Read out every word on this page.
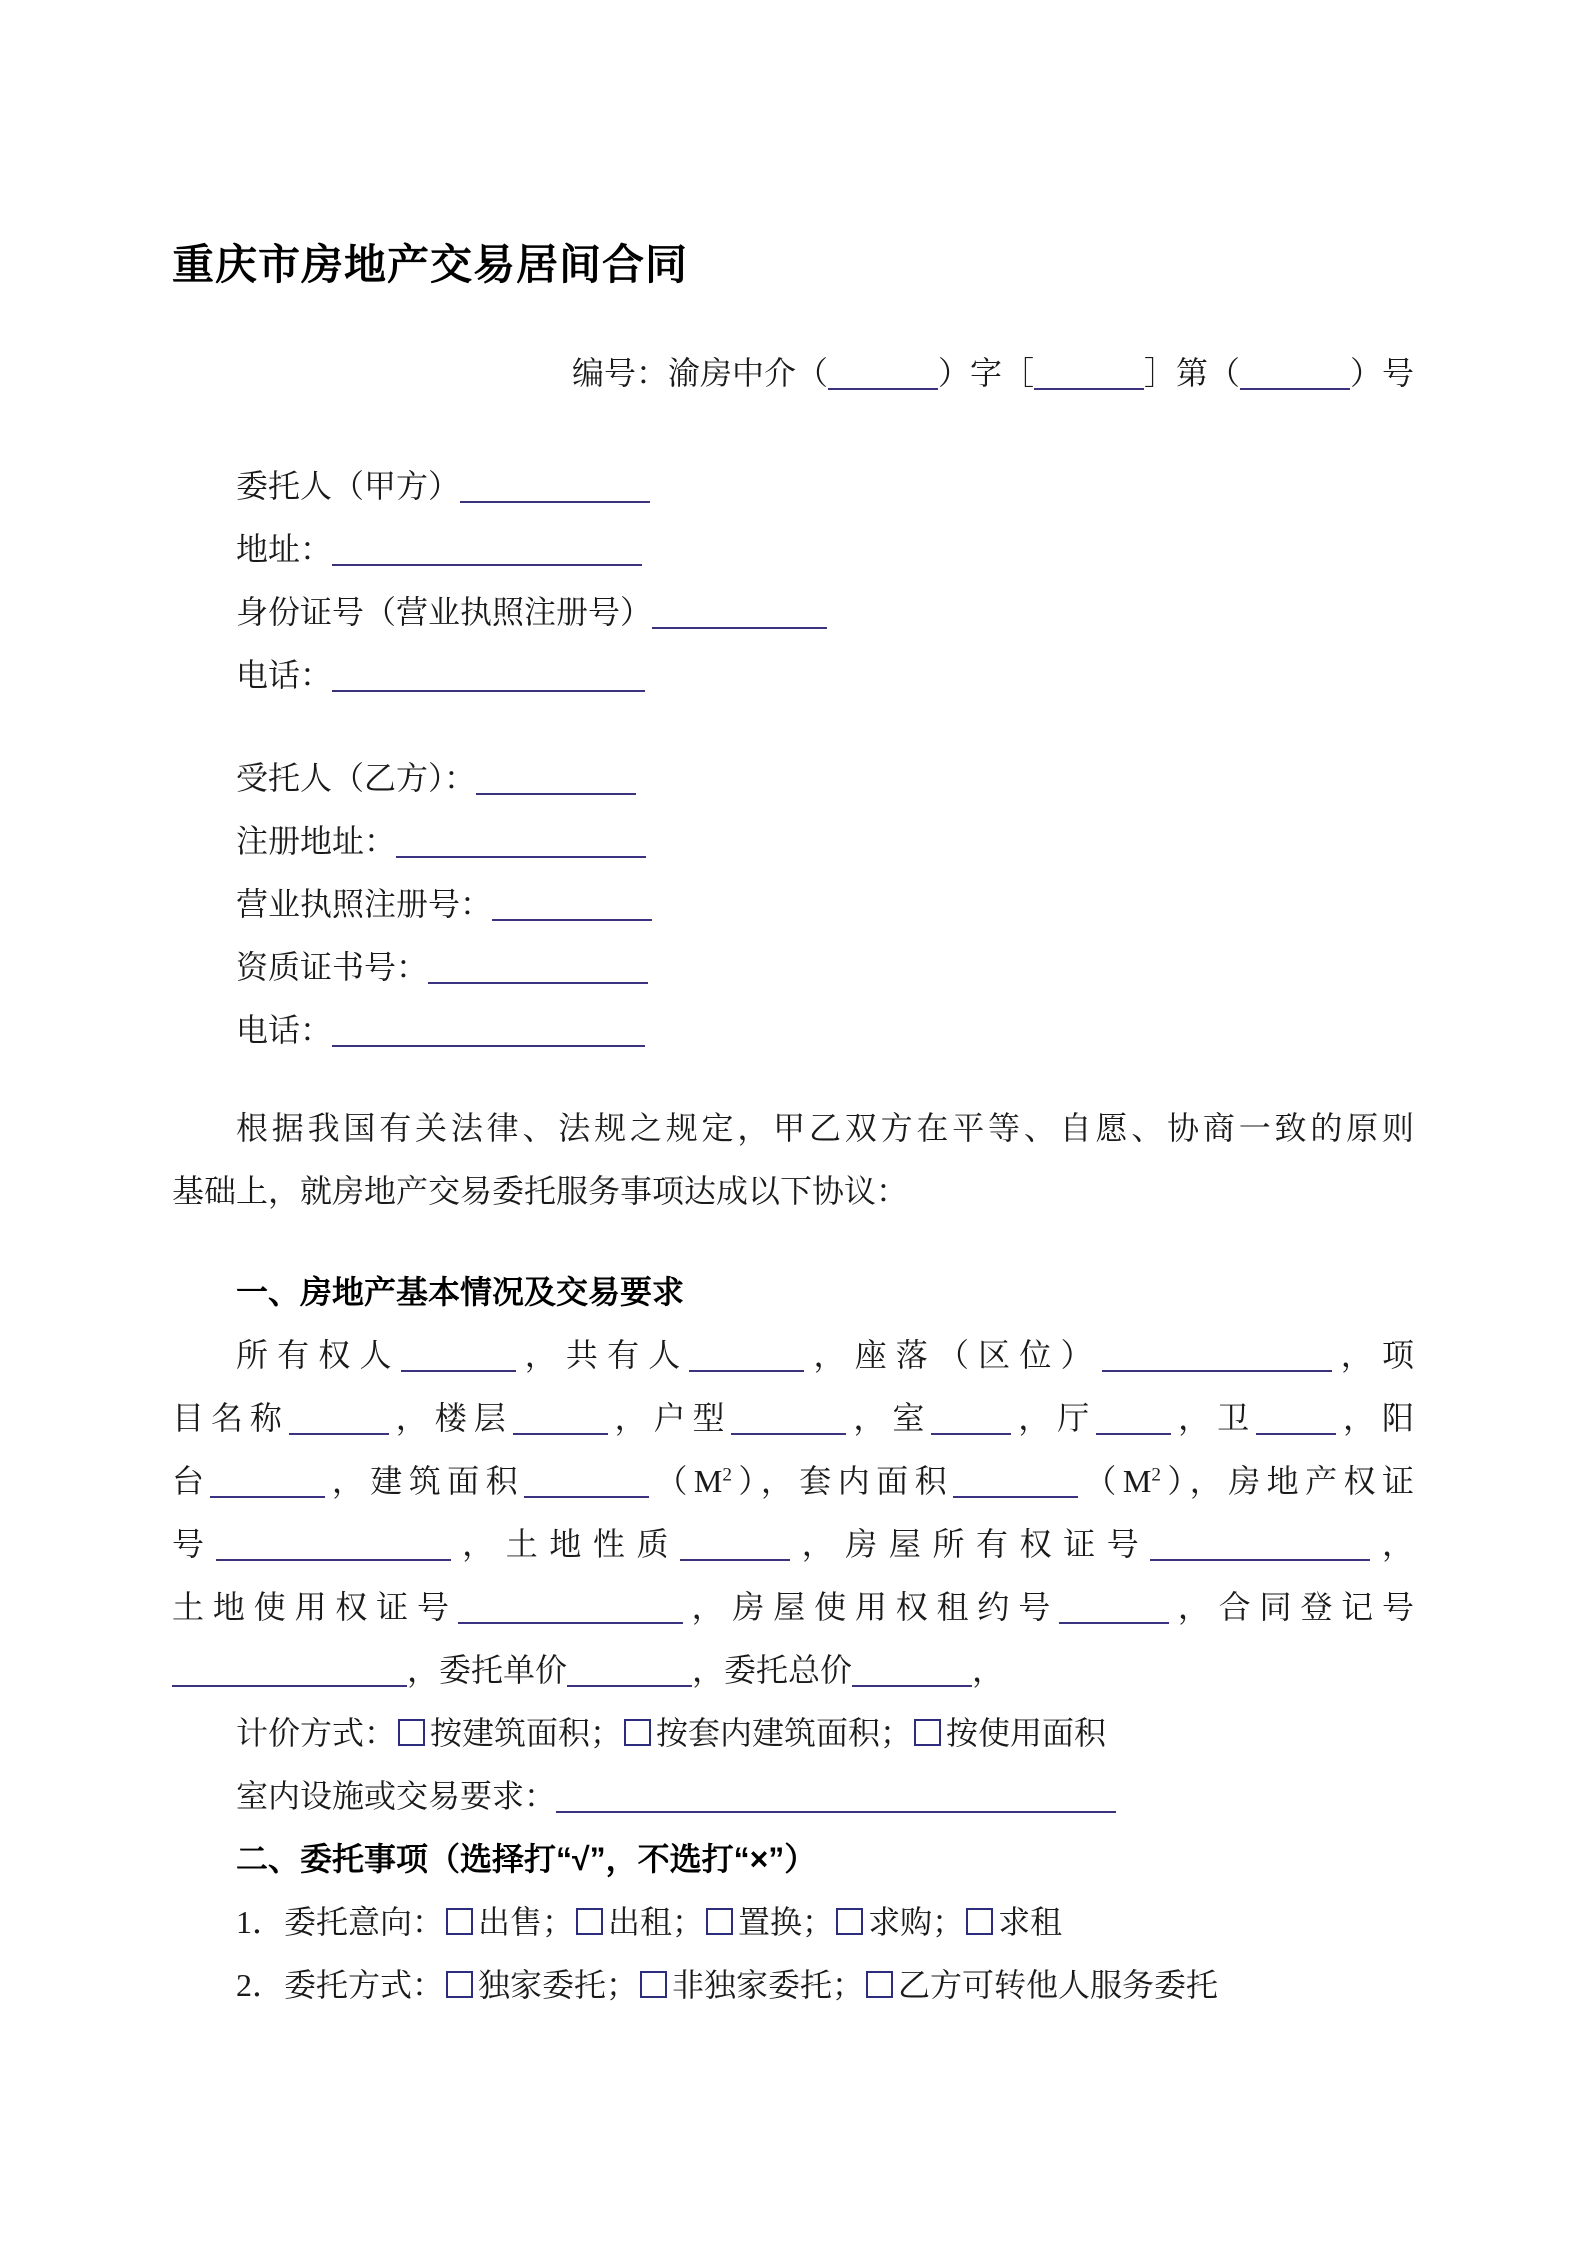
重庆市房地产交易居间合同
编号：渝房中介（	）字［	］第（	）号
委托人（甲方）
地址：
身份证号（营业执照注册号）
电话：
受托人（乙方）：
注册地址：
营业执照注册号：
资质证书号：
电话：
根据我国有关法律、法规之规定，甲乙双方在平等、自愿、协商一致的原则
基础上，就房地产交易委托服务事项达成以下协议：
一、房地产基本情况及交易要求
所有权人	，共有人	，座落（区位）	，项
目名称	，楼层	，户型	，室	，厅 ，卫	，阳
台	，建筑面积	$(M^2)$，套内面积	$(M^2)$，房地产权证
号	，土地性质	，房屋所有权证号	，
土地使用权证号	，房屋使用权租约号	，合同登记号
，委托单价	，委托总价	，
计价方式： 按建筑面积； 按套内建筑面积； 按使用面积
室内设施或交易要求：
二、委托事项（选择打“√”，不选打“×”）
1．委托意向： 出售； 出租； 置换； 求购； 求租
2．委托方式： 独家委托； 非独家委托； 乙方可转他人服务委托
